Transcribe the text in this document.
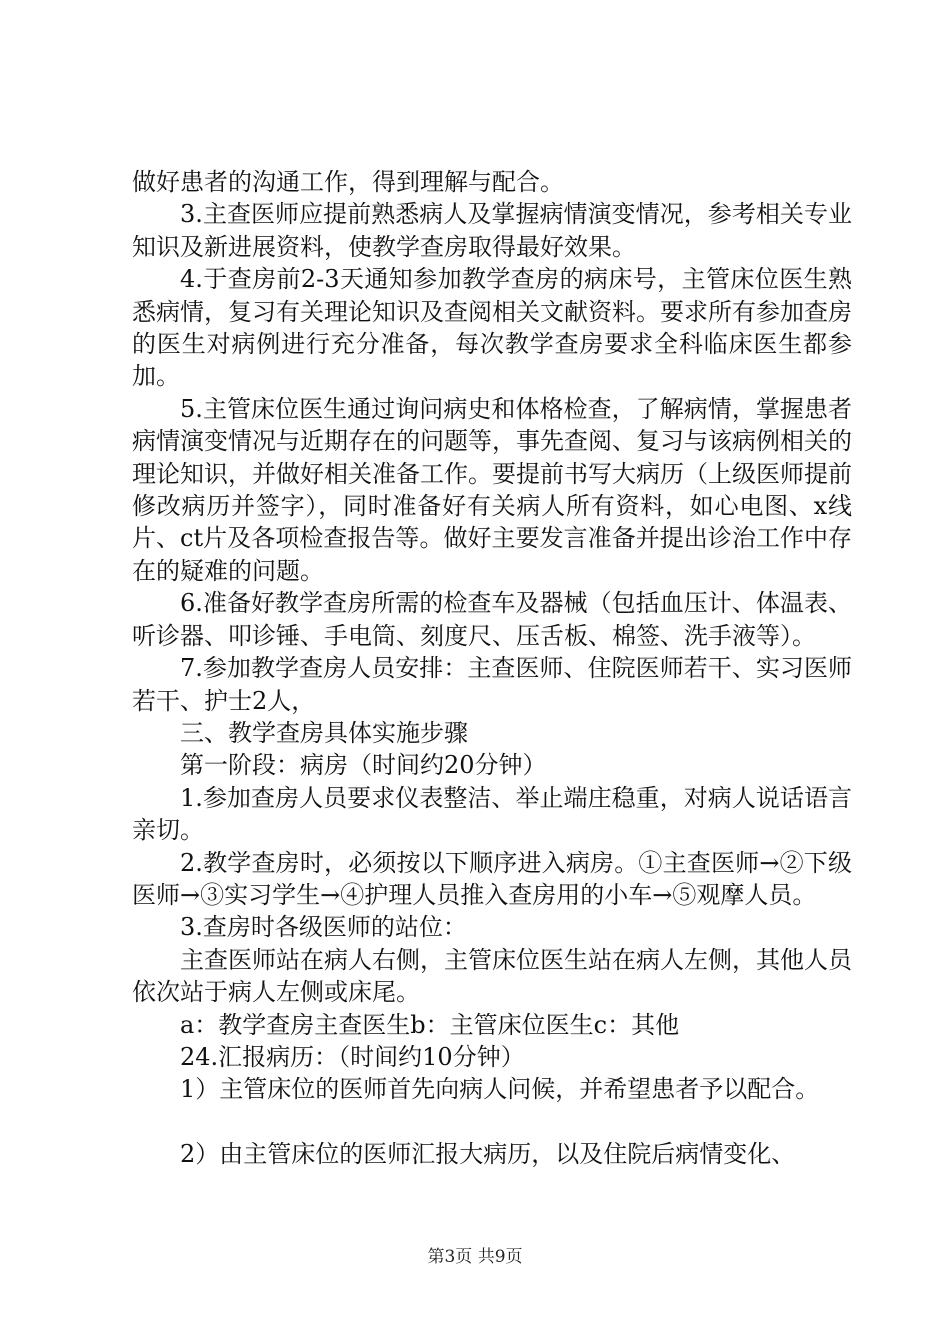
做好患者的沟通工作，得到理解与配合。

3.主查医师应提前熟悉病人及掌握病情演变情况，参考相关专业知识及新进展资料，使教学查房取得最好效果。

4.于查房前2-3天通知参加教学查房的病床号，主管床位医生熟悉病情，复习有关理论知识及查阅相关文献资料。要求所有参加查房的医生对病例进行充分准备，每次教学查房要求全科临床医生都参加。

5.主管床位医生通过询问病史和体格检查，了解病情，掌握患者病情演变情况与近期存在的问题等，事先查阅、复习与该病例相关的理论知识，并做好相关准备工作。要提前书写大病历（上级医师提前修改病历并签字），同时准备好有关病人所有资料，如心电图、x线片、ct片及各项检查报告等。做好主要发言准备并提出诊治工作中存在的疑难的问题。

6.准备好教学查房所需的检查车及器械（包括血压计、体温表、听诊器、叩诊锤、手电筒、刻度尺、压舌板、棉签、洗手液等）。

7.参加教学查房人员安排：主查医师、住院医师若干、实习医师若干、护士2人，

三、教学查房具体实施步骤

第一阶段：病房（时间约20分钟）

1.参加查房人员要求仪表整洁、举止端庄稳重，对病人说话语言亲切。

2.教学查房时，必须按以下顺序进入病房。①主查医师→②下级医师→③实习学生→④护理人员推入查房用的小车→⑤观摩人员。

3.查房时各级医师的站位：

主查医师站在病人右侧，主管床位医生站在病人左侧，其他人员依次站于病人左侧或床尾。

a：教学查房主查医生b：主管床位医生c：其他

24.汇报病历：（时间约10分钟）

1）主管床位的医师首先向病人问候，并希望患者予以配合。

2）由主管床位的医师汇报大病历，以及住院后病情变化、

第3页 共9页
